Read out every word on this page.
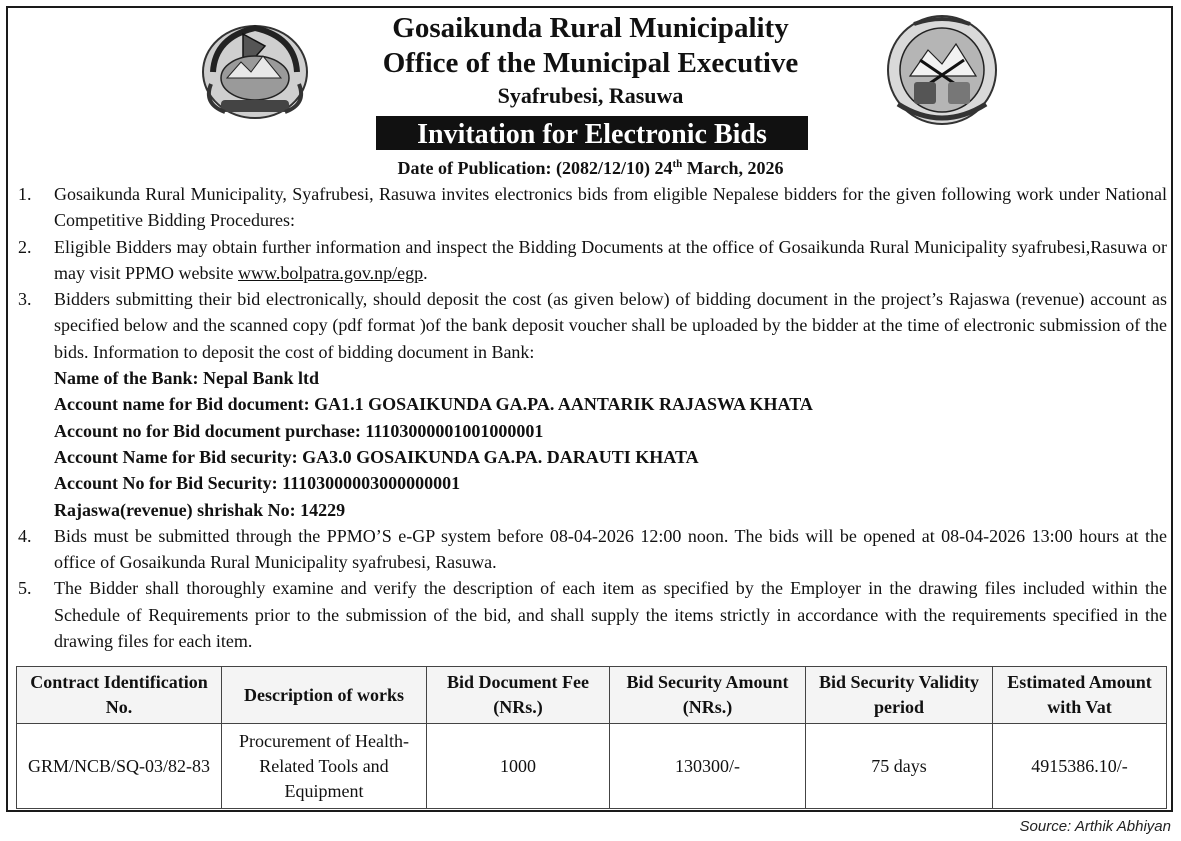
Gosaikunda Rural Municipality
Office of the Municipal Executive
Syafrubesi, Rasuwa
Invitation for Electronic Bids
Date of Publication: (2082/12/10) 24th March, 2026
1. Gosaikunda Rural Municipality, Syafrubesi, Rasuwa invites electronics bids from eligible Nepalese bidders for the given following work under National Competitive Bidding Procedures:
2. Eligible Bidders may obtain further information and inspect the Bidding Documents at the office of Gosaikunda Rural Municipality syafrubesi,Rasuwa or may visit PPMO website www.bolpatra.gov.np/egp.
3. Bidders submitting their bid electronically, should deposit the cost (as given below) of bidding document in the project’s Rajaswa (revenue) account as specified below and the scanned copy (pdf format )of the bank deposit voucher shall be uploaded by the bidder at the time of electronic submission of the bids. Information to deposit the cost of bidding document in Bank:
Name of the Bank: Nepal Bank ltd
Account name for Bid document: GA1.1 GOSAIKUNDA GA.PA. AANTARIK RAJASWA KHATA
Account no for Bid document purchase: 11103000001001000001
Account Name for Bid security: GA3.0 GOSAIKUNDA GA.PA. DARAUTI KHATA
Account No for Bid Security: 11103000003000000001
Rajaswa(revenue) shrishak No: 14229
4. Bids must be submitted through the PPMO’S e-GP system before 08-04-2026 12:00 noon. The bids will be opened at 08-04-2026 13:00 hours at the office of Gosaikunda Rural Municipality syafrubesi, Rasuwa.
5. The Bidder shall thoroughly examine and verify the description of each item as specified by the Employer in the drawing files included within the Schedule of Requirements prior to the submission of the bid, and shall supply the items strictly in accordance with the requirements specified in the drawing files for each item.
Contract Identification No.	Description of works	Bid Document Fee (NRs.)	Bid Security Amount (NRs.)	Bid Security Validity period	Estimated Amount with Vat
GRM/NCB/SQ-03/82-83	Procurement of Health-Related Tools and Equipment	1000	130300/-	75 days	4915386.10/-
Source: Arthik Abhiyan
